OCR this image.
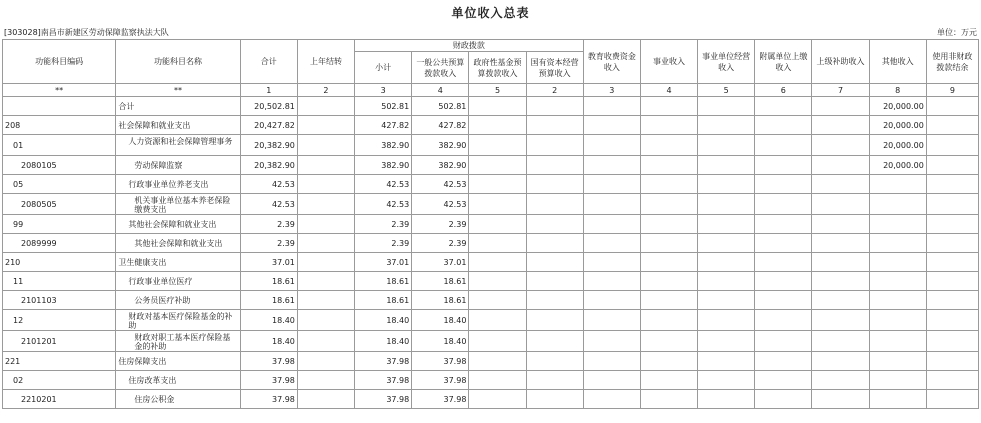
单位收入总表
[303028]南昌市新建区劳动保障监察执法大队	单位：万元
功能科目编码	功能科目名称	合计	上年结转	财政拨款				教育收费资金收入	事业收入	事业单位经营收入	附属单位上缴收入	上级补助收入	其他收入	使用非财政拨款结余
				小计	一般公共预算拨款收入	政府性基金预算拨款收入	国有资本经营预算收入							
**	**	1	2	3	4	5	2	3	4	5	6	7	8	9
	合计	20,502.81		502.81	502.81								20,000.00	
208	社会保障和就业支出	20,427.82		427.82	427.82								20,000.00	
01	人力资源和社会保障管理事务	20,382.90		382.90	382.90								20,000.00	
2080105	劳动保障监察	20,382.90		382.90	382.90								20,000.00	
05	行政事业单位养老支出	42.53		42.53	42.53									
2080505	机关事业单位基本养老保险缴费支出	42.53		42.53	42.53									
99	其他社会保障和就业支出	2.39		2.39	2.39									
2089999	其他社会保障和就业支出	2.39		2.39	2.39									
210	卫生健康支出	37.01		37.01	37.01									
11	行政事业单位医疗	18.61		18.61	18.61									
2101103	公务员医疗补助	18.61		18.61	18.61									
12	财政对基本医疗保险基金的补助	18.40		18.40	18.40									
2101201	财政对职工基本医疗保险基金的补助	18.40		18.40	18.40									
221	住房保障支出	37.98		37.98	37.98									
02	住房改革支出	37.98		37.98	37.98									
2210201	住房公积金	37.98		37.98	37.98									
